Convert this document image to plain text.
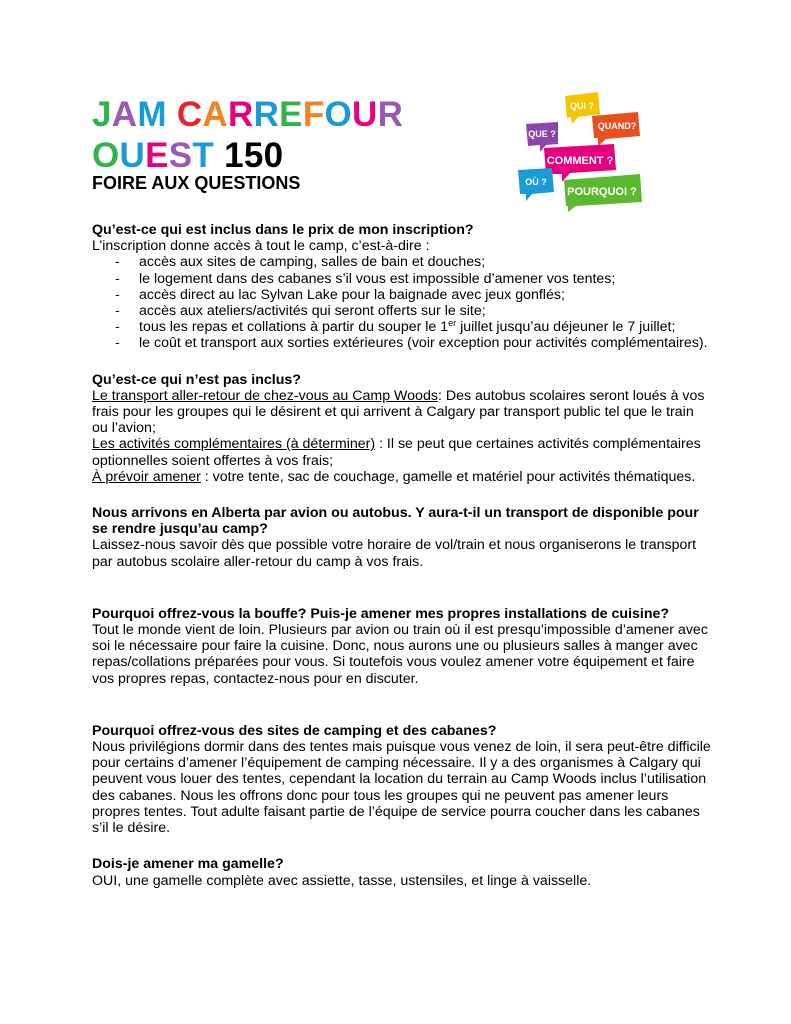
JAM CARREFOUR
OUEST 150
FOIRE AUX QUESTIONS
QUI ?
QUAND?
QUE ?
COMMENT ?
OÙ ?
POURQUOI ?

Qu’est-ce qui est inclus dans le prix de mon inscription?

L’inscription donne accès à tout le camp, c’est-à-dire :

- accès aux sites de camping, salles de bain et douches;
- le logement dans des cabanes s’il vous est impossible d’amener vos tentes;
- accès direct au lac Sylvan Lake pour la baignade avec jeux gonflés;
- accès aux ateliers/activités qui seront offerts sur le site;
- tous les repas et collations à partir du souper le 1er juillet jusqu’au déjeuner le 7 juillet;
- le coût et transport aux sorties extérieures (voir exception pour activités complémentaires).

Qu’est-ce qui n’est pas inclus?

Le transport aller-retour de chez-vous au Camp Woods: Des autobus scolaires seront loués à vos frais pour les groupes qui le désirent et qui arrivent à Calgary par transport public tel que le train ou l’avion;

Les activités complémentaires (à déterminer) : Il se peut que certaines activités complémentaires optionnelles soient offertes à vos frais;

À prévoir amener : votre tente, sac de couchage, gamelle et matériel pour activités thématiques.

Nous arrivons en Alberta par avion ou autobus. Y aura-t-il un transport de disponible pour se rendre jusqu’au camp?

Laissez-nous savoir dès que possible votre horaire de vol/train et nous organiserons le transport par autobus scolaire aller-retour du camp à vos frais.

Pourquoi offrez-vous la bouffe? Puis-je amener mes propres installations de cuisine?

Tout le monde vient de loin. Plusieurs par avion ou train où il est presqu’impossible d’amener avec soi le nécessaire pour faire la cuisine. Donc, nous aurons une ou plusieurs salles à manger avec repas/collations préparées pour vous. Si toutefois vous voulez amener votre équipement et faire vos propres repas, contactez-nous pour en discuter.

Pourquoi offrez-vous des sites de camping et des cabanes?

Nous privilégions dormir dans des tentes mais puisque vous venez de loin, il sera peut-être difficile pour certains d’amener l’équipement de camping nécessaire. Il y a des organismes à Calgary qui peuvent vous louer des tentes, cependant la location du terrain au Camp Woods inclus l’utilisation des cabanes. Nous les offrons donc pour tous les groupes qui ne peuvent pas amener leurs propres tentes. Tout adulte faisant partie de l’équipe de service pourra coucher dans les cabanes s’il le désire.

Dois-je amener ma gamelle?

OUI, une gamelle complète avec assiette, tasse, ustensiles, et linge à vaisselle.
